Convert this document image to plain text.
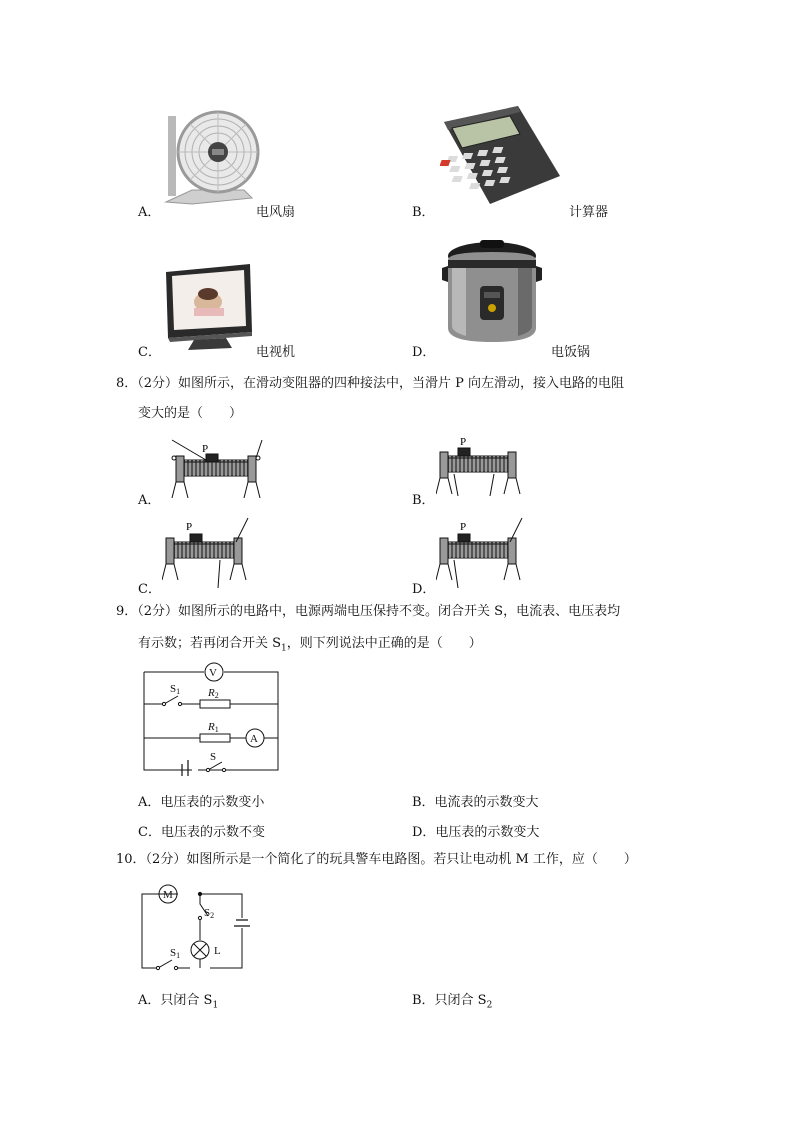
A．	电风扇	B．	计算器
C．	电视机	D．	电饭锅
8．（2分）如图所示，在滑动变阻器的四种接法中，当滑片 P 向左滑动，接入电路的电阻
变大的是（　　）
P
A．
P
B．
P
C．
P
D．
9．（2分）如图所示的电路中，电源两端电压保持不变。闭合开关 S，电流表、电压表均
有示数；若再闭合开关 $S_1$，则下列说法中正确的是（　　）
V
A
S1	R2
R1
S
A．电压表的示数变小	B．电流表的示数变大
C．电压表的示数不变	D．电压表的示数变大
10．（2分）如图所示是一个简化了的玩具警车电路图。若只让电动机 M 工作，应（　　）
M
S2
S1	L
A．只闭合 $S_1$	B．只闭合 $S_2$
